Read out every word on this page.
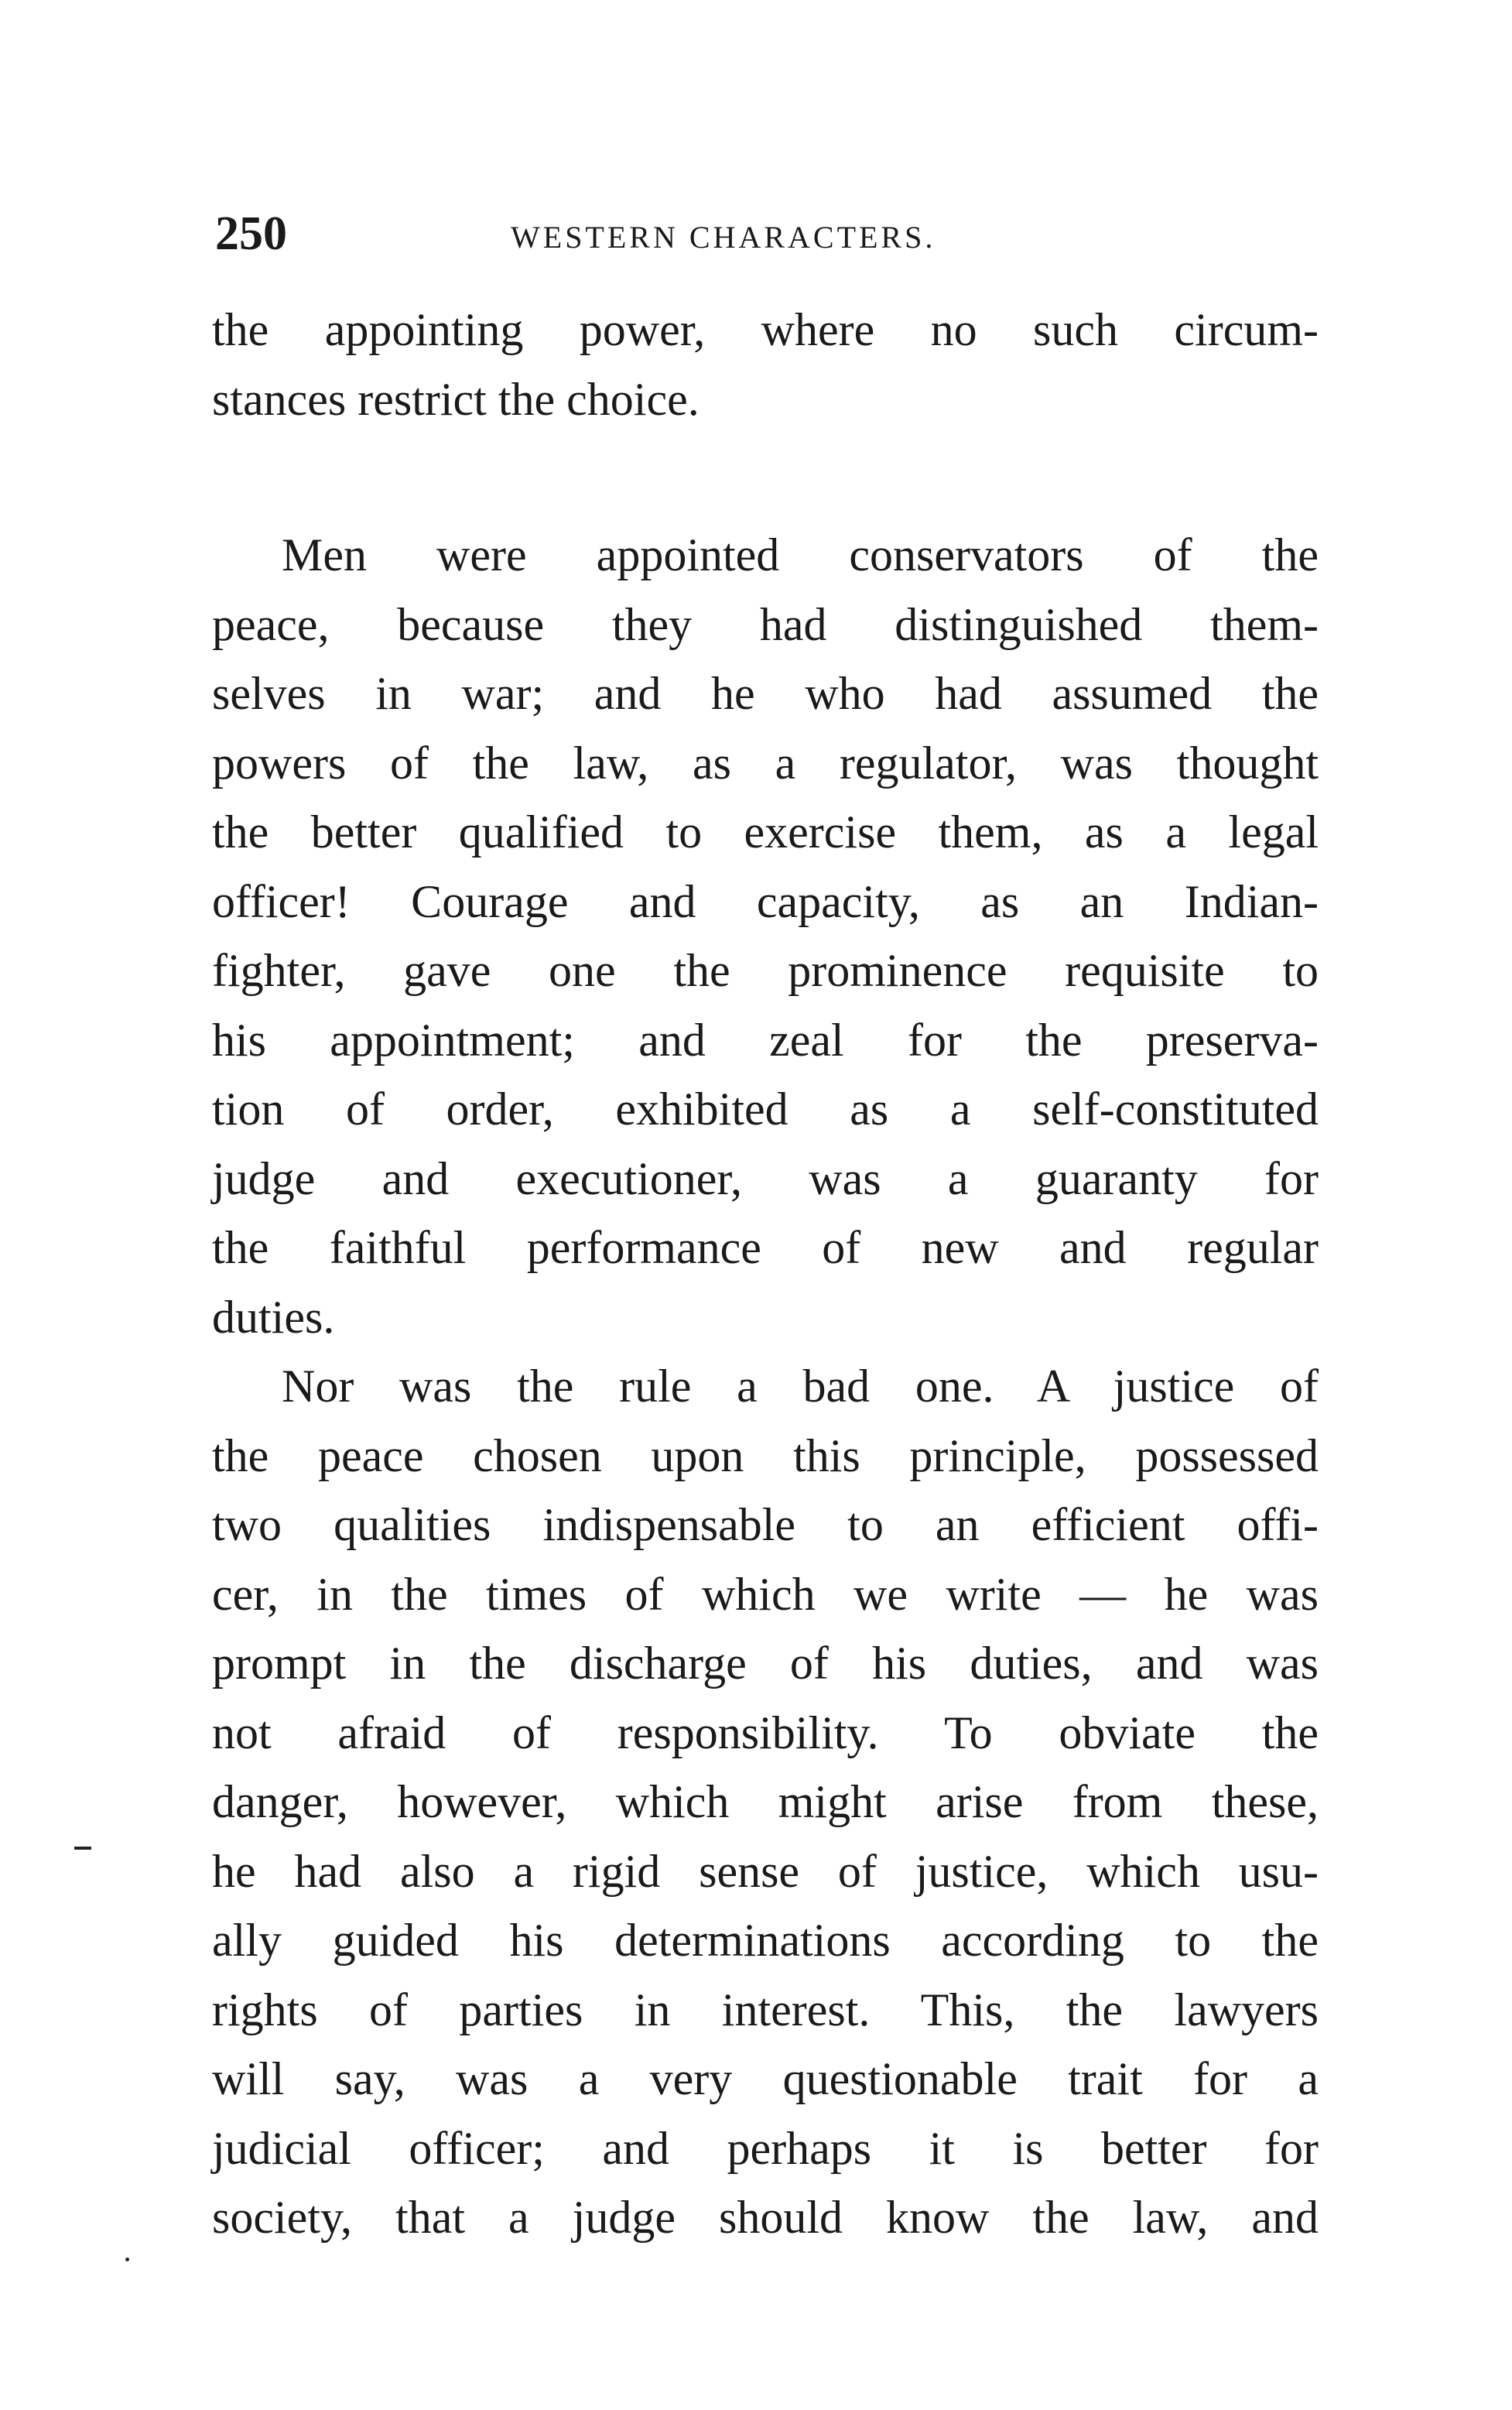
250	WESTERN CHARACTERS.
the appointing power, where no such circum-
stances restrict the choice.
Men were appointed conservators of the
peace, because they had distinguished them-
selves in war; and he who had assumed the
powers of the law, as a regulator, was thought
the better qualified to exercise them, as a legal
officer! Courage and capacity, as an Indian-
fighter, gave one the prominence requisite to
his appointment; and zeal for the preserva-
tion of order, exhibited as a self-constituted
judge and executioner, was a guaranty for
the faithful performance of new and regular
duties.
Nor was the rule a bad one. A justice of
the peace chosen upon this principle, possessed
two qualities indispensable to an efficient offi-
cer, in the times of which we write — he was
prompt in the discharge of his duties, and was
not afraid of responsibility. To obviate the
danger, however, which might arise from these,
he had also a rigid sense of justice, which usu-
ally guided his determinations according to the
rights of parties in interest. This, the lawyers
will say, was a very questionable trait for a
judicial officer; and perhaps it is better for
society, that a judge should know the law, and
